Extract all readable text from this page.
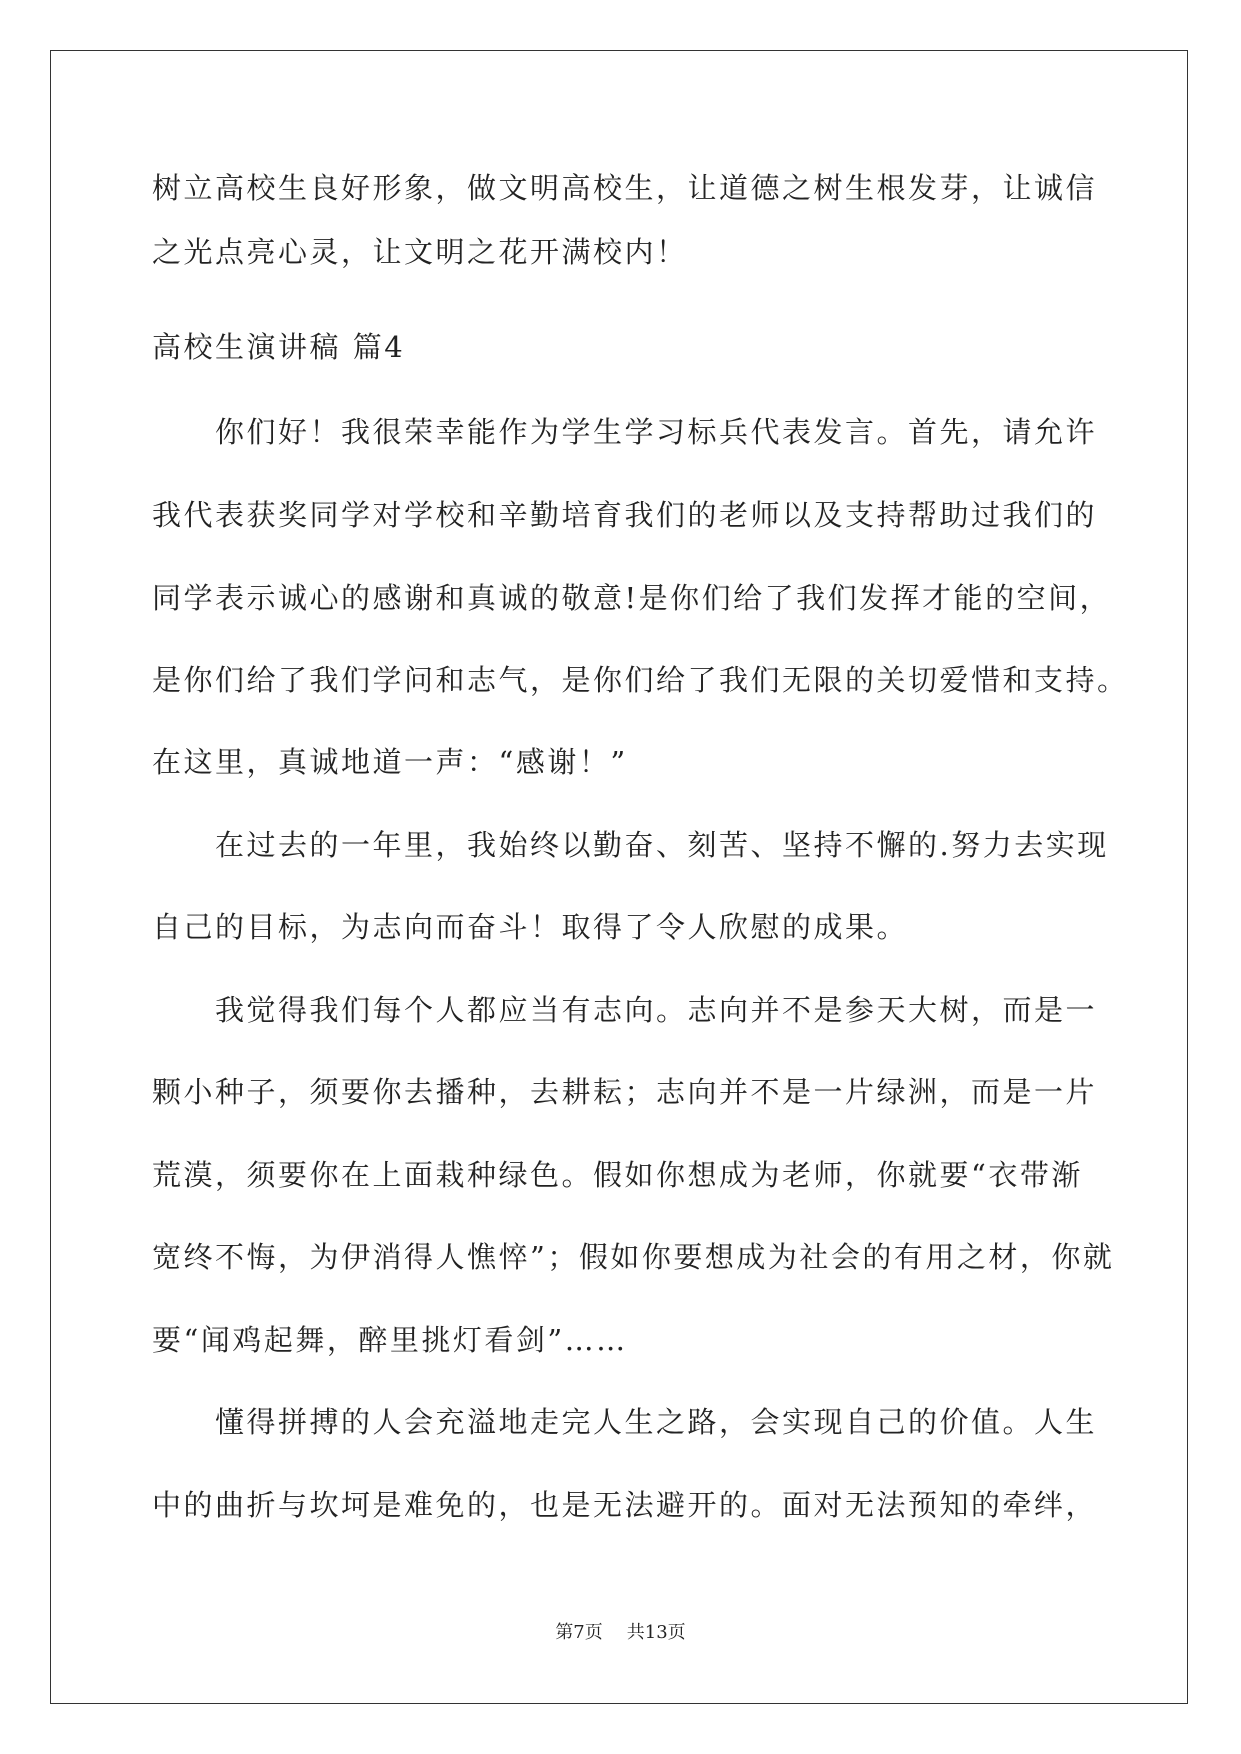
树立高校生良好形象，做文明高校生，让道德之树生根发芽，让诚信
之光点亮心灵，让文明之花开满校内！
高校生演讲稿 篇4
你们好！我很荣幸能作为学生学习标兵代表发言。首先，请允许
我代表获奖同学对学校和辛勤培育我们的老师以及支持帮助过我们的
同学表示诚心的感谢和真诚的敬意!是你们给了我们发挥才能的空间，
是你们给了我们学问和志气，是你们给了我们无限的关切爱惜和支持。
在这里，真诚地道一声：“感谢！”
在过去的一年里，我始终以勤奋、刻苦、坚持不懈的.努力去实现
自己的目标，为志向而奋斗！取得了令人欣慰的成果。
我觉得我们每个人都应当有志向。志向并不是参天大树，而是一
颗小种子，须要你去播种，去耕耘；志向并不是一片绿洲，而是一片
荒漠，须要你在上面栽种绿色。假如你想成为老师，你就要“衣带渐
宽终不悔，为伊消得人憔悴”；假如你要想成为社会的有用之材，你就
要“闻鸡起舞，醉里挑灯看剑”……
懂得拼搏的人会充溢地走完人生之路，会实现自己的价值。人生
中的曲折与坎坷是难免的，也是无法避开的。面对无法预知的牵绊，
第7页 共13页
